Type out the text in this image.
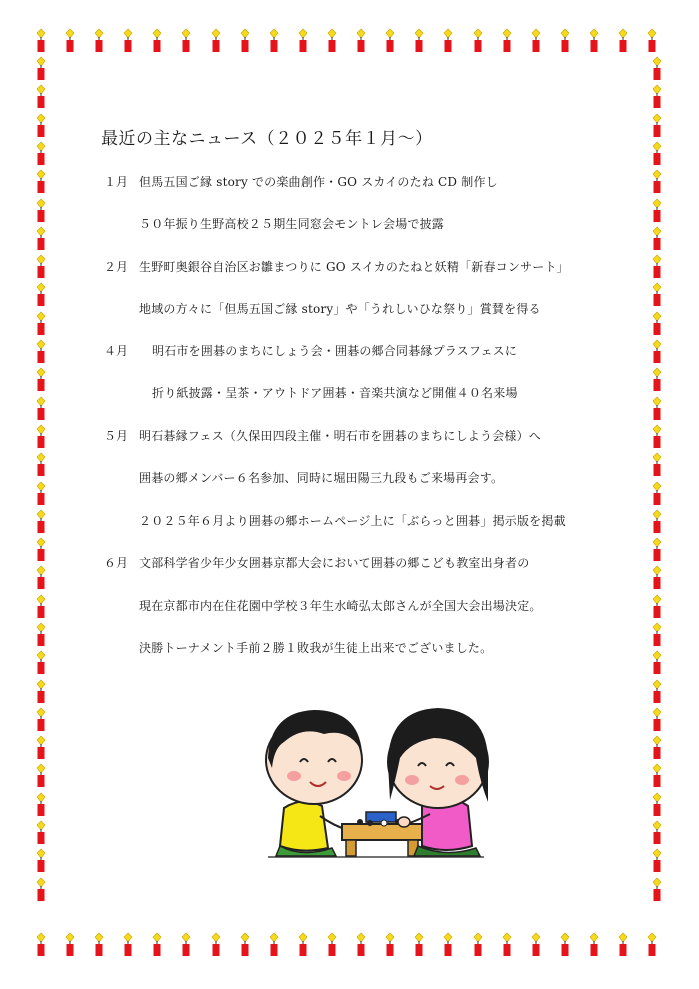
最近の主なニュース（２０２５年１月〜）
１月 但馬五国ご縁 story での楽曲創作・GO スカイのたね CD 制作し
５０年振り生野高校２５期生同窓会モントレ会場で披露
２月 生野町奥銀谷自治区お雛まつりに GO スイカのたねと妖精「新春コンサート」
地域の方々に「但馬五国ご縁 story」や「うれしいひな祭り」賞賛を得る
４月 明石市を囲碁のまちにしょう会・囲碁の郷合同碁縁プラスフェスに
折り紙披露・呈茶・アウトドア囲碁・音楽共演など開催４０名来場
５月 明石碁縁フェス（久保田四段主催・明石市を囲碁のまちにしよう会様）へ
囲碁の郷メンバー６名参加、同時に堀田陽三九段もご来場再会す。
２０２５年６月より囲碁の郷ホームページ上に「ぶらっと囲碁」掲示版を掲載
６月 文部科学省少年少女囲碁京都大会において囲碁の郷こども教室出身者の
現在京都市内在住花園中学校３年生水崎弘太郎さんが全国大会出場決定。
決勝トーナメント手前２勝１敗我が生徒上出来でございました。
